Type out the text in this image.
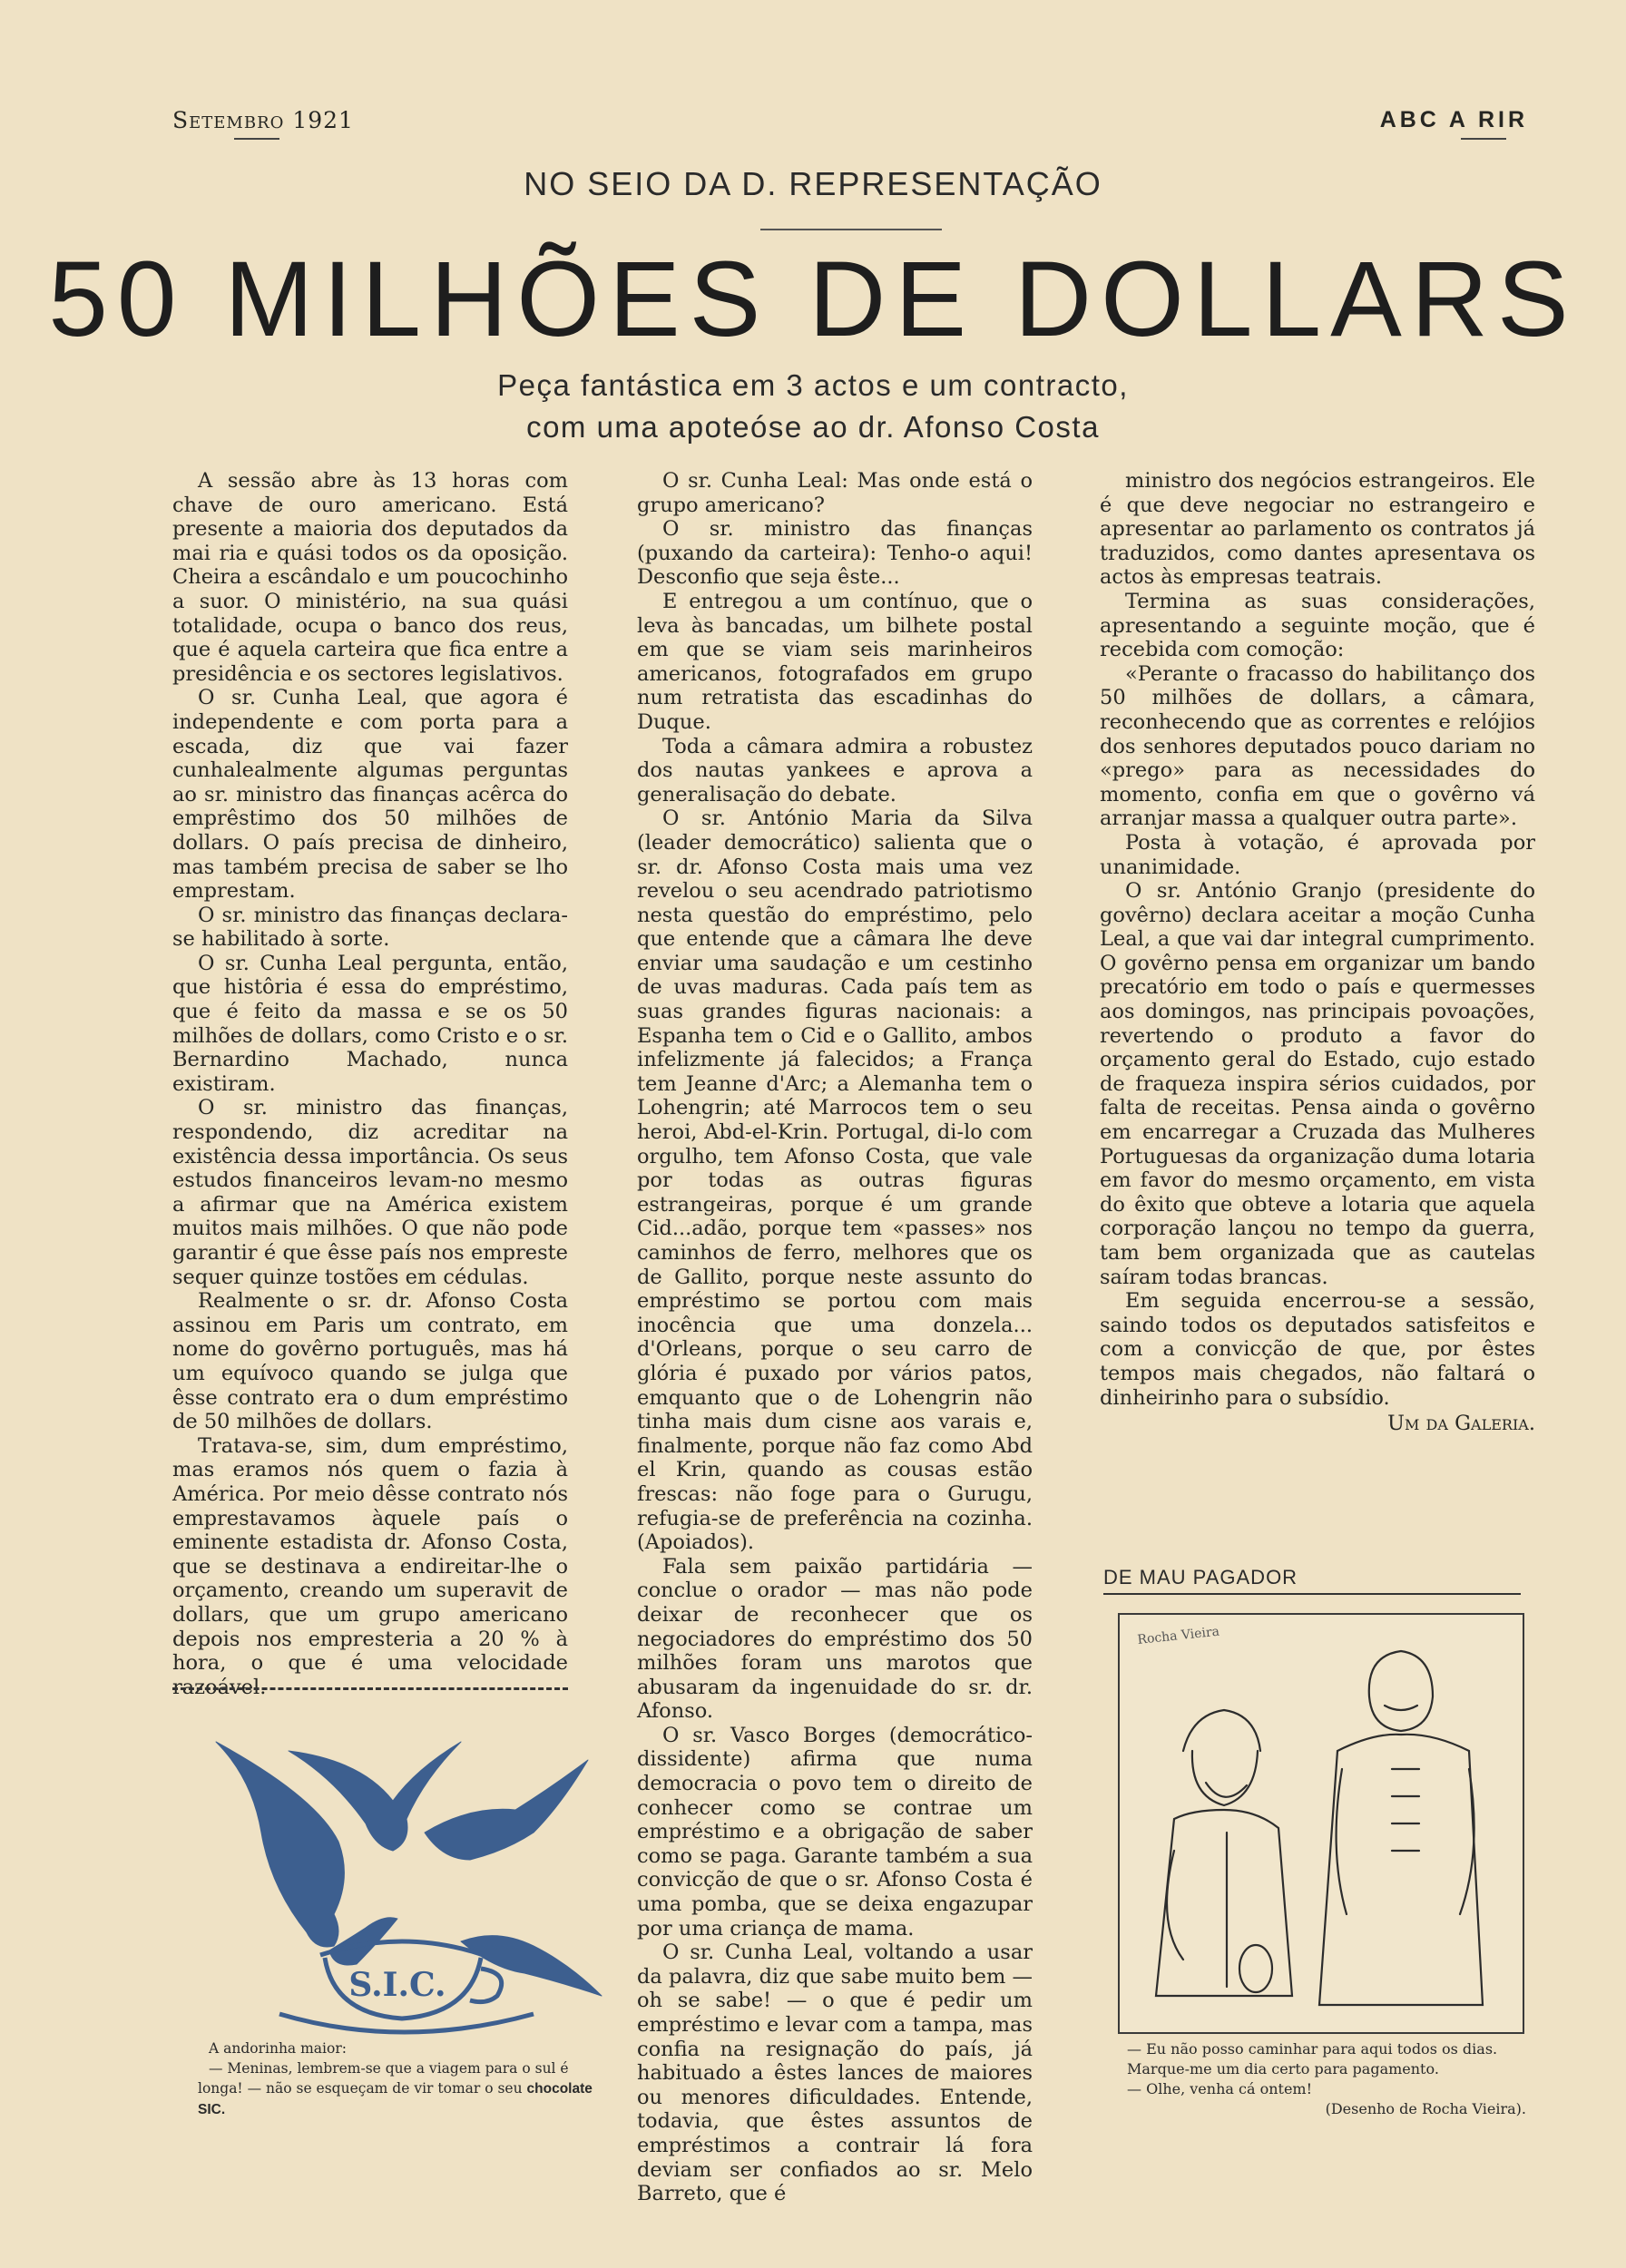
Setembro 1921	ABC A RIR
NO SEIO DA D. REPRESENTAÇÃO
50 MILHÕES DE DOLLARS
Peça fantástica em 3 actos e um contracto,
com uma apoteóse ao dr. Afonso Costa

A sessão abre às 13 horas com chave de ouro americano. Está presente a maioria dos deputados da mai ria e quási todos os da oposição. Cheira a escândalo e um poucochinho a suor. O ministério, na sua quási totalidade, ocupa o banco dos reus, que é aquela carteira que fica entre a presidência e os sectores legislativos.

O sr. Cunha Leal, que agora é independente e com porta para a escada, diz que vai fazer cunhalealmente algumas perguntas ao sr. ministro das finanças acêrca do emprêstimo dos 50 milhões de dollars. O país precisa de dinheiro, mas também precisa de saber se lho emprestam.

O sr. ministro das finanças declara-se habilitado à sorte.

O sr. Cunha Leal pergunta, então, que histôria é essa do empréstimo, que é feito da massa e se os 50 milhões de dollars, como Cristo e o sr. Bernardino Machado, nunca existiram.

O sr. ministro das finanças, respondendo, diz acreditar na existência dessa importância. Os seus estudos financeiros levam-no mesmo a afirmar que na América existem muitos mais milhões. O que não pode garantir é que êsse país nos empreste sequer quinze tostões em cédulas.

Realmente o sr. dr. Afonso Costa assinou em Paris um contrato, em nome do govêrno português, mas há um equívoco quando se julga que êsse contrato era o dum empréstimo de 50 milhões de dollars.

Tratava-se, sim, dum empréstimo, mas eramos nós quem o fazia à América. Por meio dêsse contrato nós emprestavamos àquele país o eminente estadista dr. Afonso Costa, que se destinava a endireitar-lhe o orçamento, creando um superavit de dollars, que um grupo americano depois nos empresteria a 20 % à hora, o que é uma velocidade razoável.

O sr. Cunha Leal: Mas onde está o grupo americano?

O sr. ministro das finanças (puxando da carteira): Tenho-o aqui! Desconfio que seja êste...

E entregou a um contínuo, que o leva às bancadas, um bilhete postal em que se viam seis marinheiros americanos, fotografados em grupo num retratista das escadinhas do Duque.

Toda a câmara admira a robustez dos nautas yankees e aprova a generalisação do debate.

O sr. António Maria da Silva (leader democrático) salienta que o sr. dr. Afonso Costa mais uma vez revelou o seu acendrado patriotismo nesta questão do empréstimo, pelo que entende que a câmara lhe deve enviar uma saudação e um cestinho de uvas maduras. Cada país tem as suas grandes figuras nacionais: a Espanha tem o Cid e o Gallito, ambos infelizmente já falecidos; a França tem Jeanne d'Arc; a Alemanha tem o Lohengrin; até Marrocos tem o seu heroi, Abd-el-Krin. Portugal, di-lo com orgulho, tem Afonso Costa, que vale por todas as outras figuras estrangeiras, porque é um grande Cid...adão, porque tem «passes» nos caminhos de ferro, melhores que os de Gallito, porque neste assunto do empréstimo se portou com mais inocência que uma donzela... d'Orleans, porque o seu carro de glória é puxado por vários patos, emquanto que o de Lohengrin não tinha mais dum cisne aos varais e, finalmente, porque não faz como Abd el Krin, quando as cousas estão frescas: não foge para o Gurugu, refugia-se de preferência na cozinha. (Apoiados).

Fala sem paixão partidária — conclue o orador — mas não pode deixar de reconhecer que os negociadores do empréstimo dos 50 milhões foram uns marotos que abusaram da ingenuidade do sr. dr. Afonso.

O sr. Vasco Borges (democrático-dissidente) afirma que numa democracia o povo tem o direito de conhecer como se contrae um empréstimo e a obrigação de saber como se paga. Garante também a sua convicção de que o sr. Afonso Costa é uma pomba, que se deixa engazupar por uma criança de mama.

O sr. Cunha Leal, voltando a usar da palavra, diz que sabe muito bem — oh se sabe! — o que é pedir um empréstimo e levar com a tampa, mas confia na resignação do país, já habituado a êstes lances de maiores ou menores dificuldades. Entende, todavia, que êstes assuntos de empréstimos a contrair lá fora deviam ser confiados ao sr. Melo Barreto, que é

ministro dos negócios estrangeiros. Ele é que deve negociar no estrangeiro e apresentar ao parlamento os contratos já traduzidos, como dantes apresentava os actos às empresas teatrais.

Termina as suas considerações, apresentando a seguinte moção, que é recebida com comoção:

«Perante o fracasso do habilitanço dos 50 milhões de dollars, a câmara, reconhecendo que as correntes e relójios dos senhores deputados pouco dariam no «prego» para as necessidades do momento, confia em que o govêrno vá arranjar massa a qualquer outra parte».

Posta à votação, é aprovada por unanimidade.

O sr. António Granjo (presidente do govêrno) declara aceitar a moção Cunha Leal, a que vai dar integral cumprimento. O govêrno pensa em organizar um bando precatório em todo o país e quermesses aos domingos, nas principais povoações, revertendo o produto a favor do orçamento geral do Estado, cujo estado de fraqueza inspira sérios cuidados, por falta de receitas. Pensa ainda o govêrno em encarregar a Cruzada das Mulheres Portuguesas da organização duma lotaria em favor do mesmo orçamento, em vista do êxito que obteve a lotaria que aquela corporação lançou no tempo da guerra, tam bem organizada que as cautelas saíram todas brancas.

Em seguida encerrou-se a sessão, saindo todos os deputados satisfeitos e com a convicção de que, por êstes tempos mais chegados, não faltará o dinheirinho para o subsídio.

Um da Galeria.
S.I.C.

A andorinha maior:

— Meninas, lembrem-se que a viagem para o sul é longa! — não se esqueçam de vir tomar o seu chocolate SIC.

DE MAU PAGADOR
Rocha Vieira

— Eu não posso caminhar para aqui todos os dias. Marque-me um dia certo para pagamento.

— Olhe, venha cá ontem!

(Desenho de Rocha Vieira).
